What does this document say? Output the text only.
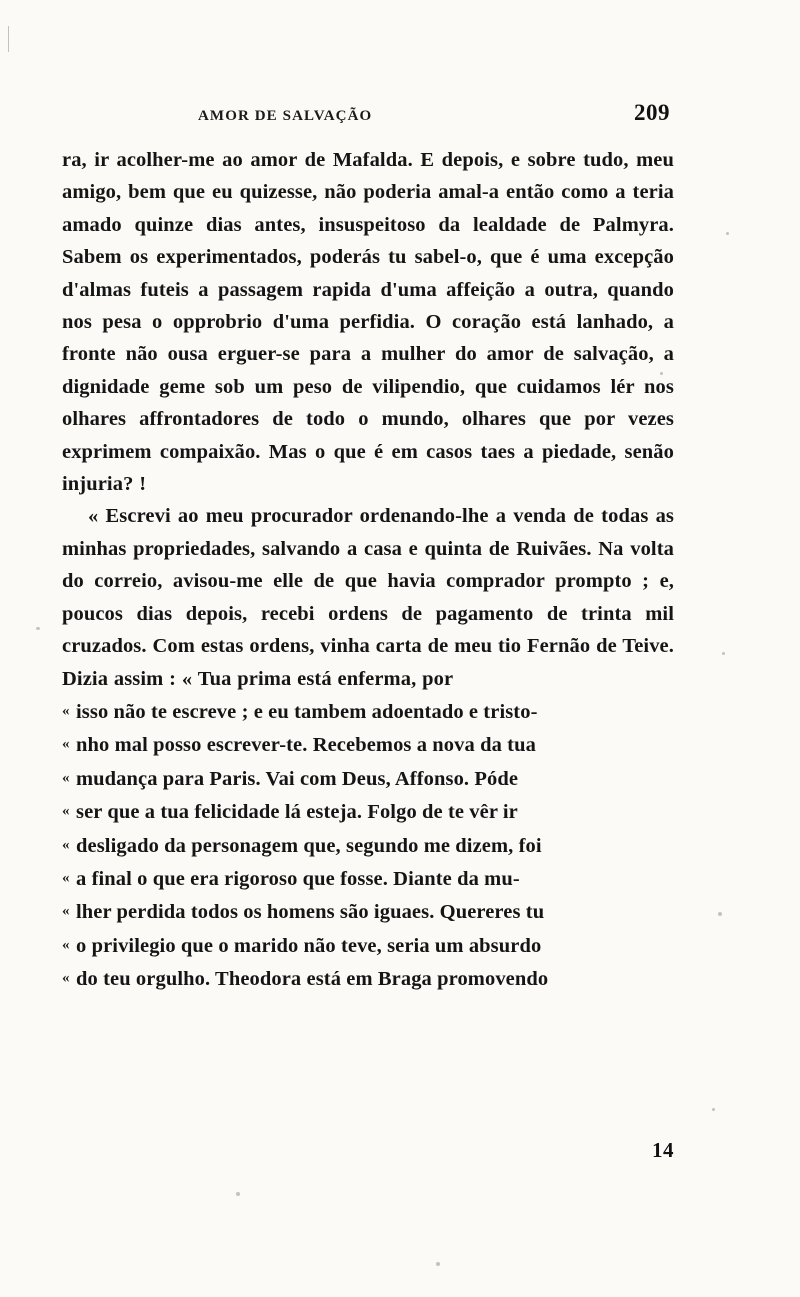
AMOR DE SALVAÇÃO	209

ra, ir acolher-me ao amor de Mafalda. E depois, e sobre tudo, meu amigo, bem que eu quizesse, não poderia amal-a então como a teria amado quinze dias antes, insuspeitoso da lealdade de Palmyra. Sabem os experimentados, poderás tu sabel-o, que é uma excepção d'almas futeis a passagem rapida d'uma affeição a outra, quando nos pesa o opprobrio d'uma perfidia. O coração está lanhado, a fronte não ousa erguer-se para a mulher do amor de salvação, a dignidade geme sob um peso de vilipendio, que cuidamos lér nos olhares affrontadores de todo o mundo, olhares que por vezes exprimem compaixão. Mas o que é em casos taes a piedade, senão injuria? !

« Escrevi ao meu procurador ordenando-lhe a venda de todas as minhas propriedades, salvando a casa e quinta de Ruivães. Na volta do correio, avisou-me elle de que havia comprador prompto ; e, poucos dias depois, recebi ordens de pagamento de trinta mil cruzados. Com estas ordens, vinha carta de meu tio Fernão de Teive. Dizia assim : « Tua prima está enferma, por

« isso não te escreve ; e eu tambem adoentado e tristo-
« nho mal posso escrever-te. Recebemos a nova da tua
« mudança para Paris. Vai com Deus, Affonso. Póde
« ser que a tua felicidade lá esteja. Folgo de te vêr ir
« desligado da personagem que, segundo me dizem, foi
« a final o que era rigoroso que fosse. Diante da mu-
« lher perdida todos os homens são iguaes. Quereres tu
« o privilegio que o marido não teve, seria um absurdo
« do teu orgulho. Theodora está em Braga promovendo
14
